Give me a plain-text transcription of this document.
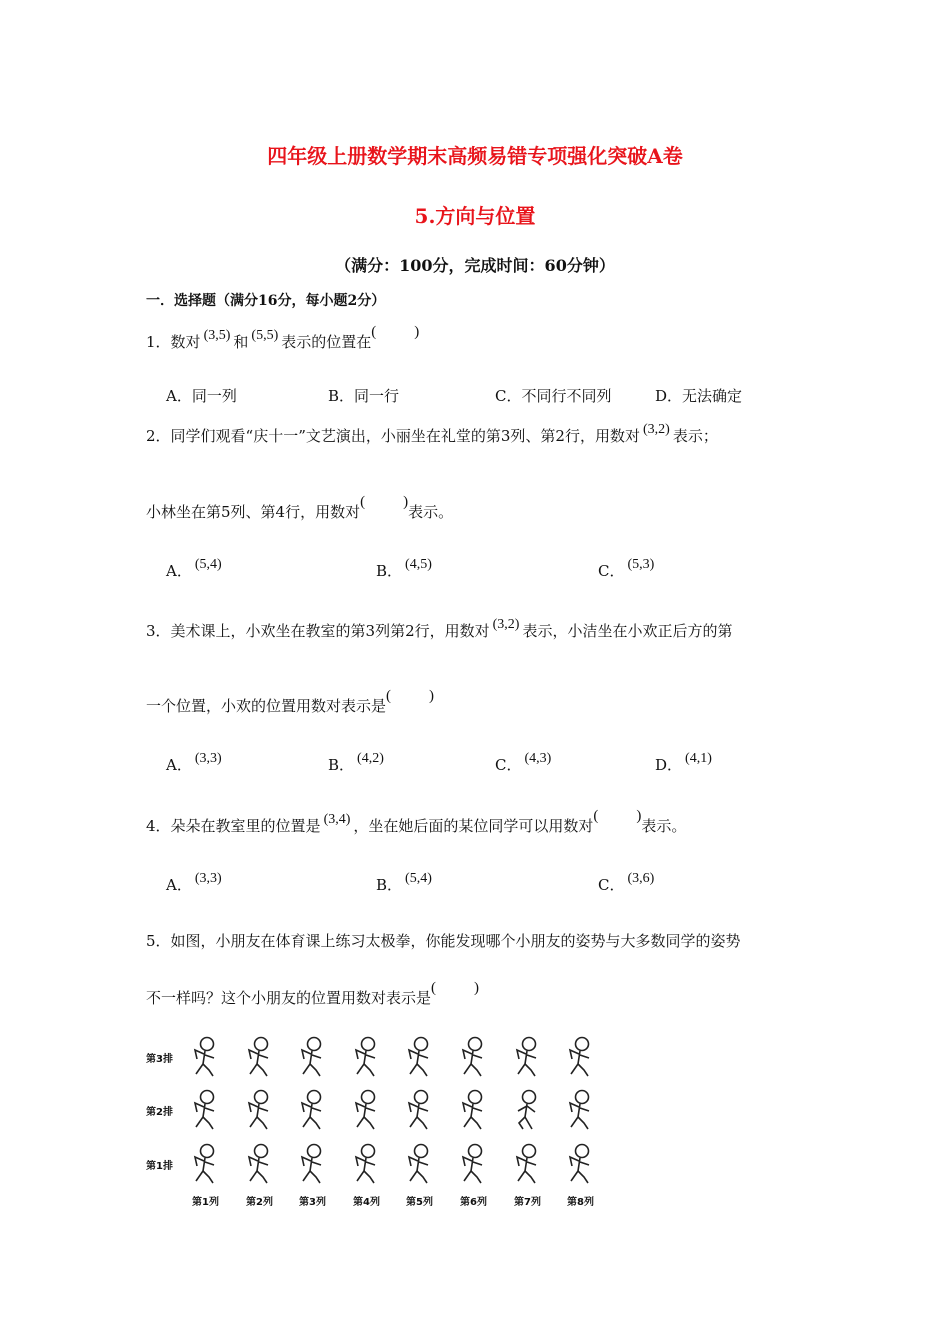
四年级上册数学期末高频易错专项强化突破A卷
5.方向与位置
（满分：100分，完成时间：60分钟）
一．选择题（满分16分，每小题2分）
1．数对 (3,5) 和 (5,5) 表示的位置在
(	)
A．同一列	B．同一行	C．不同行不同列	D．无法确定
2．同学们观看“庆十一”文艺演出，小丽坐在礼堂的第3列、第2行，用数对 (3,2) 表示；
小林坐在第5列、第4行，用数对
(	)
表示。
A． (5,4)	B． (4,5)	C． (5,3)
3．美术课上，小欢坐在教室的第3列第2行，用数对 (3,2) 表示，小洁坐在小欢正后方的第
一个位置，小欢的位置用数对表示是
(	)
A． (3,3)	B． (4,2)	C． (4,3)	D． (4,1)
4．朵朵在教室里的位置是 (3,4) ，坐在她后面的某位同学可以用数对
(	)
表示。
A． (3,3)	B． (5,4)	C． (3,6)
5．如图，小朋友在体育课上练习太极拳，你能发现哪个小朋友的姿势与大多数同学的姿势
不一样吗？这个小朋友的位置用数对表示是
(	)
第3排
第2排
第1排
第1列	第2列	第3列	第4列	第5列	第6列	第7列	第8列
